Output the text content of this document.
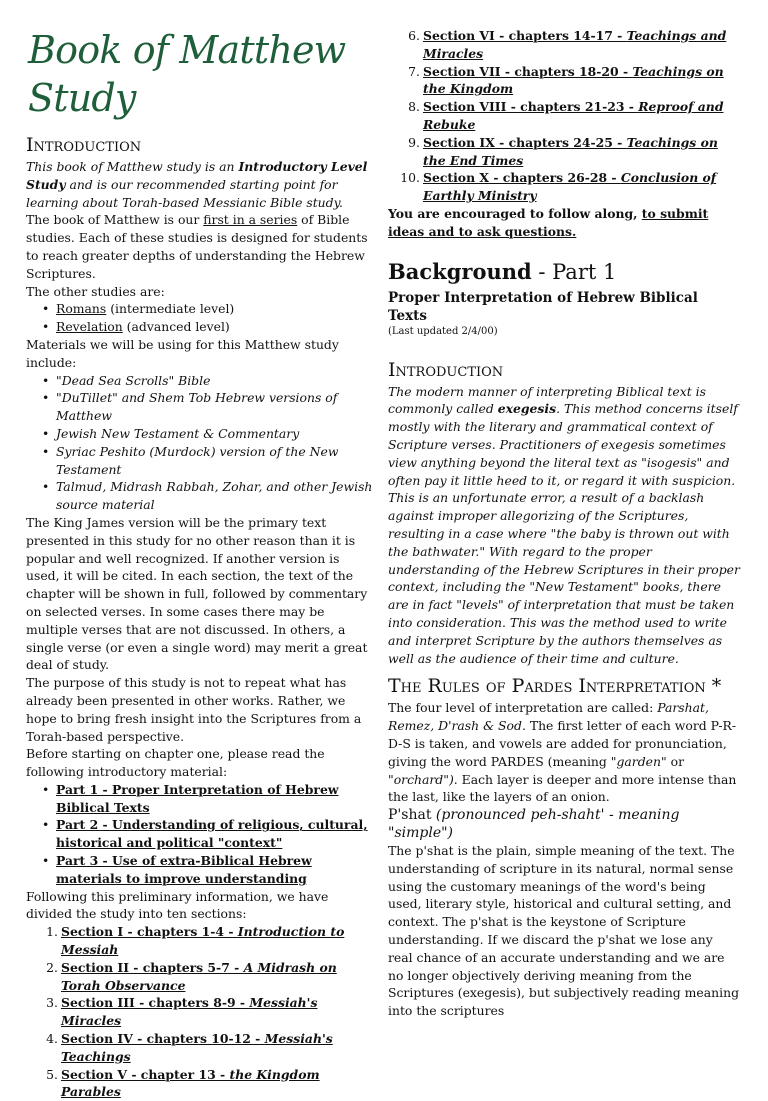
Book of Matthew Study
Introduction

This book of Matthew study is an Introductory Level Study and is our recommended starting point for learning about Torah-based Messianic Bible study.

The book of Matthew is our first in a series of Bible studies. Each of these studies is designed for students to reach greater depths of understanding the Hebrew Scriptures.

The other studies are:

• Romans (intermediate level)
• Revelation (advanced level)

Materials we will be using for this Matthew study include:

• "Dead Sea Scrolls" Bible
• "DuTillet" and Shem Tob Hebrew versions of Matthew
• Jewish New Testament & Commentary
• Syriac Peshito (Murdock) version of the New Testament
• Talmud, Midrash Rabbah, Zohar, and other Jewish source material

The King James version will be the primary text presented in this study for no other reason than it is popular and well recognized. If another version is used, it will be cited. In each section, the text of the chapter will be shown in full, followed by commentary on selected verses. In some cases there may be multiple verses that are not discussed. In others, a single verse (or even a single word) may merit a great deal of study.

The purpose of this study is not to repeat what has already been presented in other works. Rather, we hope to bring fresh insight into the Scriptures from a Torah-based perspective.

Before starting on chapter one, please read the following introductory material:

• Part 1 - Proper Interpretation of Hebrew Biblical Texts
• Part 2 - Understanding of religious, cultural, historical and political "context"
• Part 3 - Use of extra-Biblical Hebrew materials to improve understanding

Following this preliminary information, we have divided the study into ten sections:

1. Section I - chapters 1-4 - Introduction to Messiah
2. Section II - chapters 5-7 - A Midrash on Torah Observance
3. Section III - chapters 8-9 - Messiah's Miracles
4. Section IV - chapters 10-12 - Messiah's Teachings
5. Section V - chapter 13 - the Kingdom Parables
6. Section VI - chapters 14-17 - Teachings and Miracles
7. Section VII - chapters 18-20 - Teachings on the Kingdom
8. Section VIII - chapters 21-23 - Reproof and Rebuke
9. Section IX - chapters 24-25 - Teachings on the End Times
10. Section X - chapters 26-28 - Conclusion of Earthly Ministry

You are encouraged to follow along, to submit ideas and to ask questions.

Background - Part 1
Proper Interpretation of Hebrew Biblical Texts
(Last updated 2/4/00)
Introduction

The modern manner of interpreting Biblical text is commonly called exegesis. This method concerns itself mostly with the literary and grammatical context of Scripture verses. Practitioners of exegesis sometimes view anything beyond the literal text as "isogesis" and often pay it little heed to it, or regard it with suspicion. This is an unfortunate error, a result of a backlash against improper allegorizing of the Scriptures, resulting in a case where "the baby is thrown out with the bathwater." With regard to the proper understanding of the Hebrew Scriptures in their proper context, including the "New Testament" books, there are in fact "levels" of interpretation that must be taken into consideration. This was the method used to write and interpret Scripture by the authors themselves as well as the audience of their time and culture.

The Rules of Pardes Interpretation *

The four level of interpretation are called: Parshat, Remez, D'rash & Sod. The first letter of each word P-R-D-S is taken, and vowels are added for pronunciation, giving the word PARDES (meaning "garden" or "orchard"). Each layer is deeper and more intense than the last, like the layers of an onion.

P'shat (pronounced peh-shaht' - meaning "simple")

The p'shat is the plain, simple meaning of the text. The understanding of scripture in its natural, normal sense using the customary meanings of the word's being used, literary style, historical and cultural setting, and context. The p'shat is the keystone of Scripture understanding. If we discard the p'shat we lose any real chance of an accurate understanding and we are no longer objectively deriving meaning from the Scriptures (exegesis), but subjectively reading meaning into the scriptures
